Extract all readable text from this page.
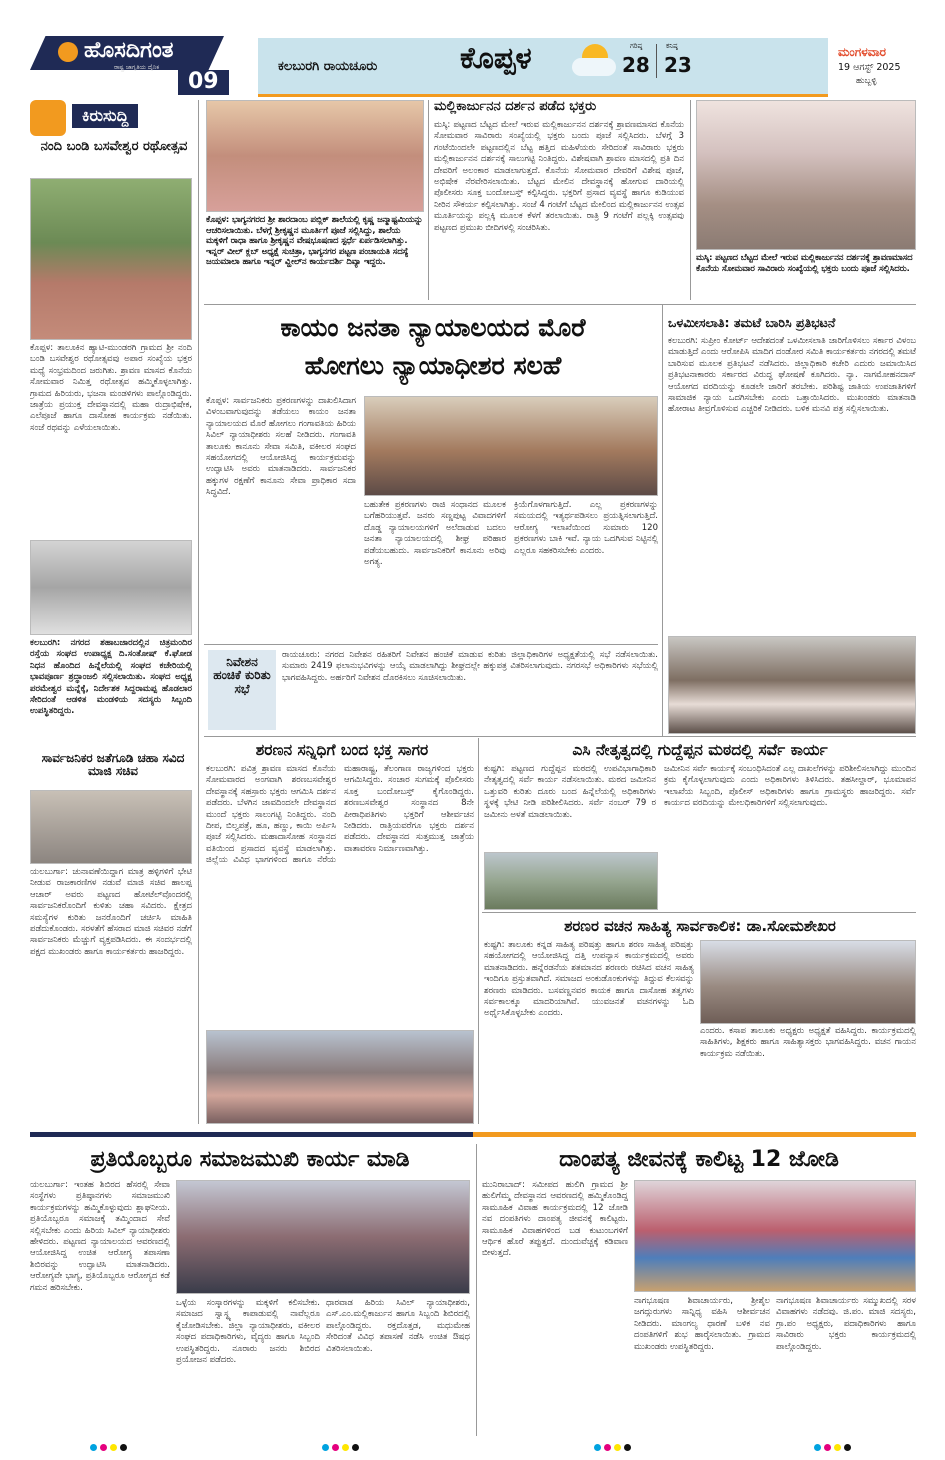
ಹೊಸದಿಗಂತ
ರಾಷ್ಟ್ರ ಜಾಗೃತಿಯ ದೈನಿಕ
09
ಕಲಬುರಗಿ ರಾಯಚೂರು	ಕೊಪ್ಪಳ	ಗರಿಷ್ಠ
28
ಕನಿಷ್ಠ
23
ಮಂಗಳವಾರ
19 ಆಗಸ್ಟ್ 2025
ಹುಬ್ಬಳ್ಳಿ
ಕಿರುಸುದ್ದಿ
ನಂದಿ ಬಂಡಿ ಬಸವೇಶ್ವರ ರಥೋತ್ಸವ
ಕೊಪ್ಪಳ: ತಾಲೂಕಿನ ಹ್ಯಾಟಿ-ಮುಂಡರಗಿ ಗ್ರಾಮದ ಶ್ರೀ ನಂದಿ ಬಂಡಿ ಬಸವೇಶ್ವರ ರಥೋತ್ಸವವು ಅಪಾರ ಸಂಖ್ಯೆಯ ಭಕ್ತರ ಮಧ್ಯೆ ಸಂಭ್ರಮದಿಂದ ಜರುಗಿತು. ಶ್ರಾವಣ ಮಾಸದ ಕೊನೆಯ ಸೋಮವಾರ ನಿಮಿತ್ತ ರಥೋತ್ಸವ ಹಮ್ಮಿಕೊಳ್ಳಲಾಗಿತ್ತು. ಗ್ರಾಮದ ಹಿರಿಯರು, ಭಜನಾ ಮಂಡಳಿಗಳು ಪಾಲ್ಗೊಂಡಿದ್ದರು. ಜಾತ್ರೆಯ ಪ್ರಯುಕ್ತ ದೇವಸ್ಥಾನದಲ್ಲಿ ಮಹಾ ರುದ್ರಾಭಿಷೇಕ, ಎಲೆಪೂಜೆ ಹಾಗೂ ದಾಸೋಹ ಕಾರ್ಯಕ್ರಮ ನಡೆಯಿತು. ಸಂಜೆ ರಥವನ್ನು ಎಳೆಯಲಾಯಿತು.
ಕಲಬುರಗಿ: ನಗರದ ಶಹಾಬಜಾರದಲ್ಲಿನ ಚಿತ್ರಮಂದಿರ ರಸ್ತೆಯ ಸಂಘದ ಉಪಾಧ್ಯಕ್ಷ ದಿ.ಸಂತೋಷ್ ಕೆ.ಘೋಡ ನಿಧನ ಹೊಂದಿದ ಹಿನ್ನೆಲೆಯಲ್ಲಿ ಸಂಘದ ಕಚೇರಿಯಲ್ಲಿ ಭಾವಪೂರ್ಣ ಶ್ರದ್ಧಾಂಜಲಿ ಸಲ್ಲಿಸಲಾಯಿತು. ಸಂಘದ ಅಧ್ಯಕ್ಷ ಪರಮೇಶ್ವರ ಮನ್ನೆಕ್ಕೆ, ನಿರ್ದೇಶಕ ಸಿದ್ದರಾಮಪ್ಪ ಹೊಡಲಾರ ಸೇರಿದಂತೆ ಆಡಳಿತ ಮಂಡಳಿಯ ಸದಸ್ಯರು ಸಿಬ್ಬಂದಿ ಉಪಸ್ಥಿತರಿದ್ದರು.
ಸಾರ್ವಜನಿಕರ ಜತೆಗೂಡಿ ಚಹಾ ಸವಿದ ಮಾಜಿ ಸಚಿವ
ಯಲಬುರ್ಗಾ: ಚುನಾವಣೆಯಿದ್ದಾಗ ಮಾತ್ರ ಹಳ್ಳಿಗಳಿಗೆ ಭೇಟಿ ನೀಡುವ ರಾಜಕಾರಣಿಗಳ ನಡುವೆ ಮಾಜಿ ಸಚಿವ ಹಾಲಪ್ಪ ಆಚಾರ್ ಅವರು ಪಟ್ಟಣದ ಹೋಟೆಲ್‌ವೊಂದರಲ್ಲಿ ಸಾರ್ವಜನಿಕರೊಂದಿಗೆ ಕುಳಿತು ಚಹಾ ಸವಿದರು. ಕ್ಷೇತ್ರದ ಸಮಸ್ಯೆಗಳ ಕುರಿತು ಜನರೊಂದಿಗೆ ಚರ್ಚಿಸಿ ಮಾಹಿತಿ ಪಡೆದುಕೊಂಡರು. ಸರಳತೆಗೆ ಹೆಸರಾದ ಮಾಜಿ ಸಚಿವರ ನಡೆಗೆ ಸಾರ್ವಜನಿಕರು ಮೆಚ್ಚುಗೆ ವ್ಯಕ್ತಪಡಿಸಿದರು. ಈ ಸಂದರ್ಭದಲ್ಲಿ ಪಕ್ಷದ ಮುಖಂಡರು ಹಾಗೂ ಕಾರ್ಯಕರ್ತರು ಹಾಜರಿದ್ದರು.
ಕೊಪ್ಪಳ: ಭಾಗ್ಯನಗರದ ಶ್ರೀ ಶಾರದಾಂಬ ಪಬ್ಲಿಕ್ ಶಾಲೆಯಲ್ಲಿ ಕೃಷ್ಣ ಜನ್ಮಾಷ್ಟಮಿಯನ್ನು ಆಚರಿಸಲಾಯಿತು. ಬೆಳಗ್ಗೆ ಶ್ರೀಕೃಷ್ಣನ ಮೂರ್ತಿಗೆ ಪೂಜೆ ಸಲ್ಲಿಸಿದ್ದು, ಶಾಲೆಯ ಮಕ್ಕಳಿಗೆ ರಾಧಾ ಹಾಗೂ ಶ್ರೀಕೃಷ್ಣನ ವೇಷಭೂಷಣದ ಸ್ಪರ್ಧೆ ಏರ್ಪಡಿಸಲಾಗಿತ್ತು. ಇನ್ನರ್ ವೀಲ್ ಕ್ಲಬ್ ಅಧ್ಯಕ್ಷೆ ಸುಚಿತ್ರಾ, ಭಾಗ್ಯನಗರ ಪಟ್ಟಣ ಪಂಚಾಯತಿ ಸದಸ್ಯೆ ಜಯಮಾಲಾ ಹಾಗೂ ಇನ್ನರ್ ವ್ಹೀಲ್‌ನ ಕಾರ್ಯದರ್ಶಿ ದಿವ್ಯಾ ಇದ್ದರು.
ಮಲ್ಲಿಕಾರ್ಜುನನ ದರ್ಶನ ಪಡೆದ ಭಕ್ತರು
ಮಸ್ಕಿ: ಪಟ್ಟಣದ ಬೆಟ್ಟದ ಮೇಲೆ ಇರುವ ಮಲ್ಲಿಕಾರ್ಜುನನ ದರ್ಶನಕ್ಕೆ ಶ್ರಾವಣಮಾಸದ ಕೊನೆಯ ಸೋಮವಾರ ಸಾವಿರಾರು ಸಂಖ್ಯೆಯಲ್ಲಿ ಭಕ್ತರು ಬಂದು ಪೂಜೆ ಸಲ್ಲಿಸಿದರು. ಬೆಳಗ್ಗೆ 3 ಗಂಟೆಯಿಂದಲೇ ಪಟ್ಟಣದಲ್ಲಿನ ಬೆಟ್ಟ ಹತ್ತಿದ ಮಹಿಳೆಯರು ಸೇರಿದಂತೆ ಸಾವಿರಾರು ಭಕ್ತರು ಮಲ್ಲಿಕಾರ್ಜುನನ ದರ್ಶನಕ್ಕೆ ಸಾಲುಗಟ್ಟಿ ನಿಂತಿದ್ದರು. ವಿಶೇಷವಾಗಿ ಶ್ರಾವಣ ಮಾಸದಲ್ಲಿ ಪ್ರತಿ ದಿನ ದೇವರಿಗೆ ಅಲಂಕಾರ ಮಾಡಲಾಗುತ್ತದೆ. ಕೊನೆಯ ಸೋಮವಾರ ದೇವರಿಗೆ ವಿಶೇಷ ಪೂಜೆ, ಅಭಿಷೇಕ ನೆರವೇರಿಸಲಾಯಿತು. ಬೆಟ್ಟದ ಮೇಲಿನ ದೇವಸ್ಥಾನಕ್ಕೆ ಹೋಗುವ ದಾರಿಯಲ್ಲಿ ಪೊಲೀಸರು ಸೂಕ್ತ ಬಂದೋಬಸ್ತ್ ಕಲ್ಪಿಸಿದ್ದರು. ಭಕ್ತರಿಗೆ ಪ್ರಸಾದ ವ್ಯವಸ್ಥೆ ಹಾಗೂ ಕುಡಿಯುವ ನೀರಿನ ಸೌಕರ್ಯ ಕಲ್ಪಿಸಲಾಗಿತ್ತು. ಸಂಜೆ 4 ಗಂಟೆಗೆ ಬೆಟ್ಟದ ಮೇಲಿಂದ ಮಲ್ಲಿಕಾರ್ಜುನನ ಉತ್ಸವ ಮೂರ್ತಿಯನ್ನು ಪಲ್ಲಕ್ಕಿ ಮೂಲಕ ಕೆಳಗೆ ತರಲಾಯಿತು. ರಾತ್ರಿ 9 ಗಂಟೆಗೆ ಪಲ್ಲಕ್ಕಿ ಉತ್ಸವವು ಪಟ್ಟಣದ ಪ್ರಮುಖ ಬೀದಿಗಳಲ್ಲಿ ಸಂಚರಿಸಿತು.
ಮಸ್ಕಿ: ಪಟ್ಟಣದ ಬೆಟ್ಟದ ಮೇಲೆ ಇರುವ ಮಲ್ಲಿಕಾರ್ಜುನನ ದರ್ಶನಕ್ಕೆ ಶ್ರಾವಣಮಾಸದ ಕೊನೆಯ ಸೋಮವಾರ ಸಾವಿರಾರು ಸಂಖ್ಯೆಯಲ್ಲಿ ಭಕ್ತರು ಬಂದು ಪೂಜೆ ಸಲ್ಲಿಸಿದರು.
ಕಾಯಂ ಜನತಾ ನ್ಯಾಯಾಲಯದ ಮೊರೆ
ಹೋಗಲು ನ್ಯಾಯಾಧೀಶರ ಸಲಹೆ
ಕೊಪ್ಪಳ: ಸಾರ್ವಜನಿಕರು ಪ್ರಕರಣಗಳನ್ನು ದಾಖಲಿಸಿದಾಗ ವಿಳಂಬವಾಗುವುದನ್ನು ತಡೆಯಲು ಕಾಯಂ ಜನತಾ ನ್ಯಾಯಾಲಯದ ಮೊರೆ ಹೋಗಲು ಗಂಗಾವತಿಯ ಹಿರಿಯ ಸಿವಿಲ್ ನ್ಯಾಯಾಧೀಶರು ಸಲಹೆ ನೀಡಿದರು. ಗಂಗಾವತಿ ತಾಲೂಕು ಕಾನೂನು ಸೇವಾ ಸಮಿತಿ, ವಕೀಲರ ಸಂಘದ ಸಹಯೋಗದಲ್ಲಿ ಆಯೋಜಿಸಿದ್ದ ಕಾರ್ಯಕ್ರಮವನ್ನು ಉದ್ಘಾಟಿಸಿ ಅವರು ಮಾತನಾಡಿದರು. ಸಾರ್ವಜನಿಕರ ಹಕ್ಕುಗಳ ರಕ್ಷಣೆಗೆ ಕಾನೂನು ಸೇವಾ ಪ್ರಾಧಿಕಾರ ಸದಾ ಸಿದ್ಧವಿದೆ.
ಬಹುತೇಕ ಪ್ರಕರಣಗಳು ರಾಜಿ ಸಂಧಾನದ ಮೂಲಕ ಬಗೆಹರಿಯುತ್ತವೆ. ಜನರು ಸಣ್ಣಪುಟ್ಟ ವಿವಾದಗಳಿಗೆ ದೊಡ್ಡ ನ್ಯಾಯಾಲಯಗಳಿಗೆ ಅಲೆದಾಡುವ ಬದಲು ಜನತಾ ನ್ಯಾಯಾಲಯದಲ್ಲಿ ಶೀಘ್ರ ಪರಿಹಾರ ಪಡೆಯಬಹುದು. ಸಾರ್ವಜನಿಕರಿಗೆ ಕಾನೂನು ಅರಿವು ಅಗತ್ಯ.
ಕ್ರಿಯೆಗೊಳಗಾಗುತ್ತಿದೆ. ಎಲ್ಲ ಪ್ರಕರಣಗಳನ್ನು ಸಮಯದಲ್ಲಿ ಇತ್ಯರ್ಥಪಡಿಸಲು ಪ್ರಯತ್ನಿಸಲಾಗುತ್ತಿದೆ. ಆರೋಗ್ಯ ಇಲಾಖೆಯಿಂದ ಸುಮಾರು 120 ಪ್ರಕರಣಗಳು ಬಾಕಿ ಇವೆ. ನ್ಯಾಯ ಒದಗಿಸುವ ನಿಟ್ಟಿನಲ್ಲಿ ಎಲ್ಲರೂ ಸಹಕರಿಸಬೇಕು ಎಂದರು.
ನಿವೇಶನ ಹಂಚಿಕೆ ಕುರಿತು ಸಭೆ
ರಾಯಚೂರು: ನಗರದ ನಿವೇಶನ ರಹಿತರಿಗೆ ನಿವೇಶನ ಹಂಚಿಕೆ ಮಾಡುವ ಕುರಿತು ಜಿಲ್ಲಾಧಿಕಾರಿಗಳ ಅಧ್ಯಕ್ಷತೆಯಲ್ಲಿ ಸಭೆ ನಡೆಸಲಾಯಿತು. ಸುಮಾರು 2419 ಫಲಾನುಭವಿಗಳನ್ನು ಆಯ್ಕೆ ಮಾಡಲಾಗಿದ್ದು ಶೀಘ್ರದಲ್ಲೇ ಹಕ್ಕುಪತ್ರ ವಿತರಿಸಲಾಗುವುದು. ನಗರಸಭೆ ಅಧಿಕಾರಿಗಳು ಸಭೆಯಲ್ಲಿ ಭಾಗವಹಿಸಿದ್ದರು. ಅರ್ಹರಿಗೆ ನಿವೇಶನ ದೊರಕಿಸಲು ಸೂಚಿಸಲಾಯಿತು.
ಒಳಮೀಸಲಾತಿ: ತಮಟೆ ಬಾರಿಸಿ ಪ್ರತಿಭಟನೆ
ಕಲಬುರಗಿ: ಸುಪ್ರೀಂ ಕೋರ್ಟ್ ಆದೇಶದಂತೆ ಒಳಮೀಸಲಾತಿ ಜಾರಿಗೊಳಿಸಲು ಸರ್ಕಾರ ವಿಳಂಬ ಮಾಡುತ್ತಿದೆ ಎಂದು ಆರೋಪಿಸಿ ಮಾದಿಗ ದಂಡೋರ ಸಮಿತಿ ಕಾರ್ಯಕರ್ತರು ನಗರದಲ್ಲಿ ತಮಟೆ ಬಾರಿಸುವ ಮೂಲಕ ಪ್ರತಿಭಟನೆ ನಡೆಸಿದರು. ಜಿಲ್ಲಾಧಿಕಾರಿ ಕಚೇರಿ ಎದುರು ಜಮಾಯಿಸಿದ ಪ್ರತಿಭಟನಾಕಾರರು ಸರ್ಕಾರದ ವಿರುದ್ಧ ಘೋಷಣೆ ಕೂಗಿದರು. ನ್ಯಾ. ನಾಗಮೋಹನದಾಸ್ ಆಯೋಗದ ವರದಿಯನ್ನು ಕೂಡಲೇ ಜಾರಿಗೆ ತರಬೇಕು. ಪರಿಶಿಷ್ಟ ಜಾತಿಯ ಉಪಜಾತಿಗಳಿಗೆ ಸಾಮಾಜಿಕ ನ್ಯಾಯ ಒದಗಿಸಬೇಕು ಎಂದು ಒತ್ತಾಯಿಸಿದರು. ಮುಖಂಡರು ಮಾತನಾಡಿ ಹೋರಾಟ ತೀವ್ರಗೊಳಿಸುವ ಎಚ್ಚರಿಕೆ ನೀಡಿದರು. ಬಳಿಕ ಮನವಿ ಪತ್ರ ಸಲ್ಲಿಸಲಾಯಿತು.
ಶರಣನ ಸನ್ನಿಧಿಗೆ ಬಂದ ಭಕ್ತ ಸಾಗರ
ಕಲಬುರಗಿ: ಪವಿತ್ರ ಶ್ರಾವಣ ಮಾಸದ ಕೊನೆಯ ಸೋಮವಾರದ ಅಂಗವಾಗಿ ಶರಣಬಸವೇಶ್ವರ ದೇವಸ್ಥಾನಕ್ಕೆ ಸಹಸ್ರಾರು ಭಕ್ತರು ಆಗಮಿಸಿ ದರ್ಶನ ಪಡೆದರು. ಬೆಳಗಿನ ಜಾವದಿಂದಲೇ ದೇವಸ್ಥಾನದ ಮುಂದೆ ಭಕ್ತರು ಸಾಲುಗಟ್ಟಿ ನಿಂತಿದ್ದರು. ನಂದಿ ದೀಪ, ಬಿಲ್ವಪತ್ರೆ, ಹೂ, ಹಣ್ಣು, ಕಾಯಿ ಅರ್ಪಿಸಿ ಪೂಜೆ ಸಲ್ಲಿಸಿದರು. ಮಹಾದಾಸೋಹ ಸಂಸ್ಥಾನದ ವತಿಯಿಂದ ಪ್ರಸಾದದ ವ್ಯವಸ್ಥೆ ಮಾಡಲಾಗಿತ್ತು. ಜಿಲ್ಲೆಯ ವಿವಿಧ ಭಾಗಗಳಿಂದ ಹಾಗೂ ನೆರೆಯ ಮಹಾರಾಷ್ಟ್ರ, ತೆಲಂಗಾಣ ರಾಜ್ಯಗಳಿಂದ ಭಕ್ತರು ಆಗಮಿಸಿದ್ದರು. ಸಂಚಾರ ಸುಗಮಕ್ಕೆ ಪೊಲೀಸರು ಸೂಕ್ತ ಬಂದೋಬಸ್ತ್ ಕೈಗೊಂಡಿದ್ದರು. ಶರಣಬಸವೇಶ್ವರ ಸಂಸ್ಥಾನದ 8ನೇ ಪೀಠಾಧಿಪತಿಗಳು ಭಕ್ತರಿಗೆ ಆಶೀರ್ವಚನ ನೀಡಿದರು. ರಾತ್ರಿಯವರೆಗೂ ಭಕ್ತರು ದರ್ಶನ ಪಡೆದರು. ದೇವಸ್ಥಾನದ ಸುತ್ತಮುತ್ತ ಜಾತ್ರೆಯ ವಾತಾವರಣ ನಿರ್ಮಾಣವಾಗಿತ್ತು.
ಎಸಿ ನೇತೃತ್ವದಲ್ಲಿ ಗುದ್ದೆಪ್ಪನ ಮಠದಲ್ಲಿ ಸರ್ವೆ ಕಾರ್ಯ
ಕುಷ್ಟಗಿ: ಪಟ್ಟಣದ ಗುದ್ದೆಪ್ಪನ ಮಠದಲ್ಲಿ ಉಪವಿಭಾಗಾಧಿಕಾರಿ ನೇತೃತ್ವದಲ್ಲಿ ಸರ್ವೆ ಕಾರ್ಯ ನಡೆಸಲಾಯಿತು. ಮಠದ ಜಮೀನಿನ ಒತ್ತುವರಿ ಕುರಿತು ದೂರು ಬಂದ ಹಿನ್ನೆಲೆಯಲ್ಲಿ ಅಧಿಕಾರಿಗಳು ಸ್ಥಳಕ್ಕೆ ಭೇಟಿ ನೀಡಿ ಪರಿಶೀಲಿಸಿದರು. ಸರ್ವೆ ನಂಬರ್ 79 ರ ಜಮೀನು ಅಳತೆ ಮಾಡಲಾಯಿತು.
ಜಮೀನಿನ ಸರ್ವೆ ಕಾರ್ಯಕ್ಕೆ ಸಂಬಂಧಿಸಿದಂತೆ ಎಲ್ಲ ದಾಖಲೆಗಳನ್ನು ಪರಿಶೀಲಿಸಲಾಗಿದ್ದು ಮುಂದಿನ ಕ್ರಮ ಕೈಗೊಳ್ಳಲಾಗುವುದು ಎಂದು ಅಧಿಕಾರಿಗಳು ತಿಳಿಸಿದರು. ತಹಸೀಲ್ದಾರ್, ಭೂಮಾಪನ ಇಲಾಖೆಯ ಸಿಬ್ಬಂದಿ, ಪೊಲೀಸ್ ಅಧಿಕಾರಿಗಳು ಹಾಗೂ ಗ್ರಾಮಸ್ಥರು ಹಾಜರಿದ್ದರು. ಸರ್ವೆ ಕಾರ್ಯದ ವರದಿಯನ್ನು ಮೇಲಧಿಕಾರಿಗಳಿಗೆ ಸಲ್ಲಿಸಲಾಗುವುದು.
ಶರಣರ ವಚನ ಸಾಹಿತ್ಯ ಸಾರ್ವಕಾಲಿಕ: ಡಾ.ಸೋಮಶೇಖರ
ಕುಷ್ಟಗಿ: ತಾಲೂಕು ಕನ್ನಡ ಸಾಹಿತ್ಯ ಪರಿಷತ್ತು ಹಾಗೂ ಶರಣ ಸಾಹಿತ್ಯ ಪರಿಷತ್ತು ಸಹಯೋಗದಲ್ಲಿ ಆಯೋಜಿಸಿದ್ದ ದತ್ತಿ ಉಪನ್ಯಾಸ ಕಾರ್ಯಕ್ರಮದಲ್ಲಿ ಅವರು ಮಾತನಾಡಿದರು. ಹನ್ನೆರಡನೆಯ ಶತಮಾನದ ಶರಣರು ರಚಿಸಿದ ವಚನ ಸಾಹಿತ್ಯ ಇಂದಿಗೂ ಪ್ರಸ್ತುತವಾಗಿದೆ. ಸಮಾಜದ ಅಂಕುಡೊಂಕುಗಳನ್ನು ತಿದ್ದುವ ಕೆಲಸವನ್ನು ಶರಣರು ಮಾಡಿದರು. ಬಸವಣ್ಣನವರ ಕಾಯಕ ಹಾಗೂ ದಾಸೋಹ ತತ್ವಗಳು ಸರ್ವಕಾಲಕ್ಕೂ ಮಾದರಿಯಾಗಿವೆ. ಯುವಜನತೆ ವಚನಗಳನ್ನು ಓದಿ ಅರ್ಥೈಸಿಕೊಳ್ಳಬೇಕು ಎಂದರು.
ಎಂದರು. ಕಸಾಪ ತಾಲೂಕು ಅಧ್ಯಕ್ಷರು ಅಧ್ಯಕ್ಷತೆ ವಹಿಸಿದ್ದರು. ಕಾರ್ಯಕ್ರಮದಲ್ಲಿ ಸಾಹಿತಿಗಳು, ಶಿಕ್ಷಕರು ಹಾಗೂ ಸಾಹಿತ್ಯಾಸಕ್ತರು ಭಾಗವಹಿಸಿದ್ದರು. ವಚನ ಗಾಯನ ಕಾರ್ಯಕ್ರಮ ನಡೆಯಿತು.
ಪ್ರತಿಯೊಬ್ಬರೂ ಸಮಾಜಮುಖಿ ಕಾರ್ಯ ಮಾಡಿ
ಯಲಬುರ್ಗಾ: ಇಂತಹ ಶಿಬಿರದ ಹೆಸರಲ್ಲಿ ಸೇವಾ ಸಂಸ್ಥೆಗಳು ಪ್ರತಿಷ್ಠಾನಗಳು ಸಮಾಜಮುಖಿ ಕಾರ್ಯಕ್ರಮಗಳನ್ನು ಹಮ್ಮಿಕೊಳ್ಳುವುದು ಶ್ಲಾಘನೀಯ. ಪ್ರತಿಯೊಬ್ಬರೂ ಸಮಾಜಕ್ಕೆ ತಮ್ಮಿಂದಾದ ಸೇವೆ ಸಲ್ಲಿಸಬೇಕು ಎಂದು ಹಿರಿಯ ಸಿವಿಲ್ ನ್ಯಾಯಾಧೀಶರು ಹೇಳಿದರು. ಪಟ್ಟಣದ ನ್ಯಾಯಾಲಯದ ಆವರಣದಲ್ಲಿ ಆಯೋಜಿಸಿದ್ದ ಉಚಿತ ಆರೋಗ್ಯ ತಪಾಸಣಾ ಶಿಬಿರವನ್ನು ಉದ್ಘಾಟಿಸಿ ಮಾತನಾಡಿದರು. ಆರೋಗ್ಯವೇ ಭಾಗ್ಯ, ಪ್ರತಿಯೊಬ್ಬರೂ ಆರೋಗ್ಯದ ಕಡೆ ಗಮನ ಹರಿಸಬೇಕು.
ಒಳ್ಳೆಯ ಸಂಸ್ಕಾರಗಳನ್ನು ಮಕ್ಕಳಿಗೆ ಕಲಿಸಬೇಕು. ಸಮಾಜದ ಸ್ವಾಸ್ಥ್ಯ ಕಾಪಾಡುವಲ್ಲಿ ನಾವೆಲ್ಲರೂ ಕೈಜೋಡಿಸಬೇಕು. ಜಿಲ್ಲಾ ನ್ಯಾಯಾಧೀಶರು, ವಕೀಲರ ಸಂಘದ ಪದಾಧಿಕಾರಿಗಳು, ವೈದ್ಯರು ಹಾಗೂ ಸಿಬ್ಬಂದಿ ಉಪಸ್ಥಿತರಿದ್ದರು. ನೂರಾರು ಜನರು ಶಿಬಿರದ ಪ್ರಯೋಜನ ಪಡೆದರು.
ಧಾರವಾಡ ಹಿರಿಯ ಸಿವಿಲ್ ನ್ಯಾಯಾಧೀಶರು, ಎಸ್.ಎಂ.ಮಲ್ಲಿಕಾರ್ಜುನ ಹಾಗೂ ಸಿಬ್ಬಂದಿ ಶಿಬಿರದಲ್ಲಿ ಪಾಲ್ಗೊಂಡಿದ್ದರು. ರಕ್ತದೊತ್ತಡ, ಮಧುಮೇಹ ಸೇರಿದಂತೆ ವಿವಿಧ ತಪಾಸಣೆ ನಡೆಸಿ ಉಚಿತ ಔಷಧ ವಿತರಿಸಲಾಯಿತು.
ದಾಂಪತ್ಯ ಜೀವನಕ್ಕೆ ಕಾಲಿಟ್ಟ 12 ಜೋಡಿ
ಮುನಿರಾಬಾದ್: ಸಮೀಪದ ಹುಲಿಗಿ ಗ್ರಾಮದ ಶ್ರೀ ಹುಲಿಗೆಮ್ಮ ದೇವಸ್ಥಾನದ ಆವರಣದಲ್ಲಿ ಹಮ್ಮಿಕೊಂಡಿದ್ದ ಸಾಮೂಹಿಕ ವಿವಾಹ ಕಾರ್ಯಕ್ರಮದಲ್ಲಿ 12 ಜೋಡಿ ನವ ದಂಪತಿಗಳು ದಾಂಪತ್ಯ ಜೀವನಕ್ಕೆ ಕಾಲಿಟ್ಟರು. ಸಾಮೂಹಿಕ ವಿವಾಹಗಳಿಂದ ಬಡ ಕುಟುಂಬಗಳಿಗೆ ಆರ್ಥಿಕ ಹೊರೆ ತಪ್ಪುತ್ತದೆ. ದುಂದುವೆಚ್ಚಕ್ಕೆ ಕಡಿವಾಣ ಬೀಳುತ್ತದೆ.
ನಾಗಭೂಷಣ ಶಿವಾಚಾರ್ಯರು, ಶ್ರೀಶೈಲ ಜಗದ್ಗುರುಗಳು ಸಾನ್ನಿಧ್ಯ ವಹಿಸಿ ಆಶೀರ್ವಚನ ನೀಡಿದರು. ಮಾಂಗಲ್ಯ ಧಾರಣೆ ಬಳಿಕ ನವ ದಂಪತಿಗಳಿಗೆ ಶುಭ ಹಾರೈಸಲಾಯಿತು. ಗ್ರಾಮದ ಮುಖಂಡರು ಉಪಸ್ಥಿತರಿದ್ದರು.
ನಾಗಭೂಷಣ ಶಿವಾಚಾರ್ಯರು ಸಮ್ಮುಖದಲ್ಲಿ ಸರಳ ವಿವಾಹಗಳು ನಡೆದವು. ಜಿ.ಪಂ. ಮಾಜಿ ಸದಸ್ಯರು, ಗ್ರಾ.ಪಂ ಅಧ್ಯಕ್ಷರು, ಪದಾಧಿಕಾರಿಗಳು ಹಾಗೂ ಸಾವಿರಾರು ಭಕ್ತರು ಕಾರ್ಯಕ್ರಮದಲ್ಲಿ ಪಾಲ್ಗೊಂಡಿದ್ದರು.
